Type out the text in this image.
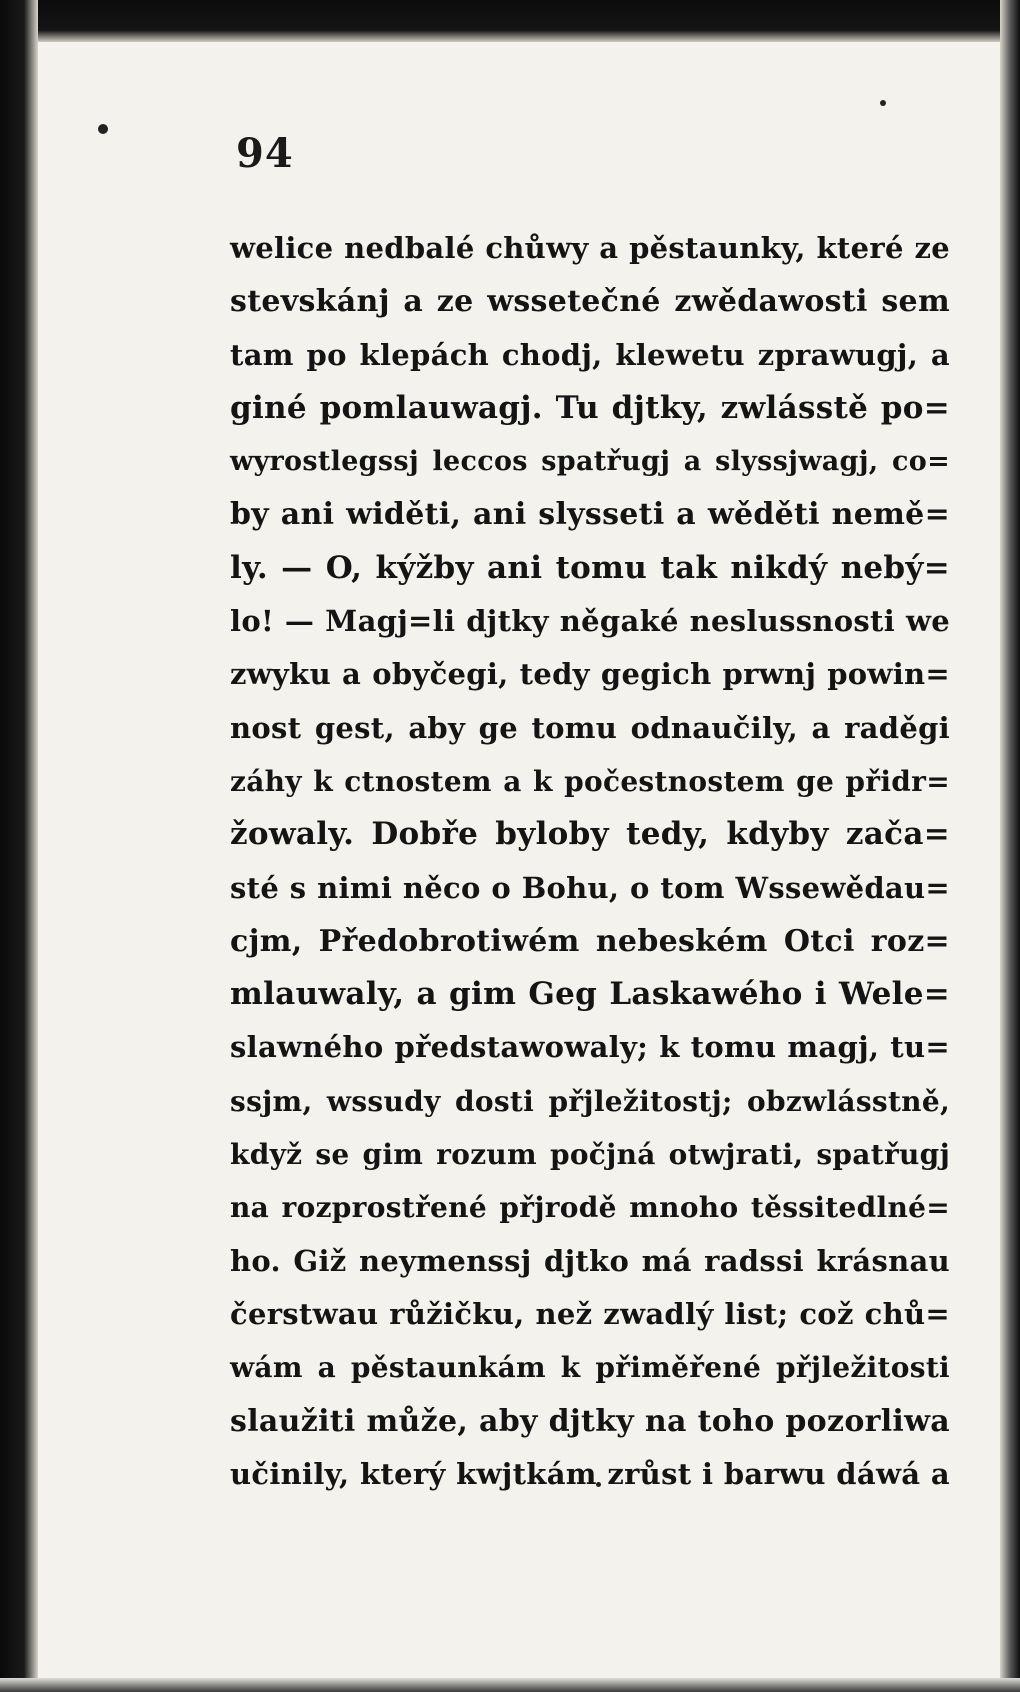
94
welice nedbalé chůwy a pěstaunky, které ze
stevskánj a ze wssetečné zwědawosti sem
tam po klepách chodj, klewetu zprawugj, a
giné pomlauwagj. Tu djtky, zwlásstě po=
wyrostlegssj leccos spatřugj a slyssjwagj, co=
by ani widěti, ani slysseti a wěděti nemě=
ly. — O, kýžby ani tomu tak nikdý nebý=
lo! — Magj=li djtky něgaké neslussnosti we
zwyku a obyčegi, tedy gegich prwnj powin=
nost gest, aby ge tomu odnaučily, a raděgi
záhy k ctnostem a k počestnostem ge přidr=
žowaly. Dobře byloby tedy, kdyby zača=
sté s nimi něco o Bohu, o tom Wssewědau=
cjm, Předobrotiwém nebeském Otci roz=
mlauwaly, a gim Geg Laskawého i Wele=
slawného předstawowaly; k tomu magj, tu=
ssjm, wssudy dosti přjležitostj; obzwlásstně,
když se gim rozum počjná otwjrati, spatřugj
na rozprostřené přjrodě mnoho těssitedlné=
ho. Giž neymenssj djtko má radssi krásnau
čerstwau růžičku, než zwadlý list; což chů=
wám a pěstaunkám k přiměřené přjležitosti
slaužiti může, aby djtky na toho pozorliwa
učinily, který kwjtkám zrůst i barwu dáwá a
